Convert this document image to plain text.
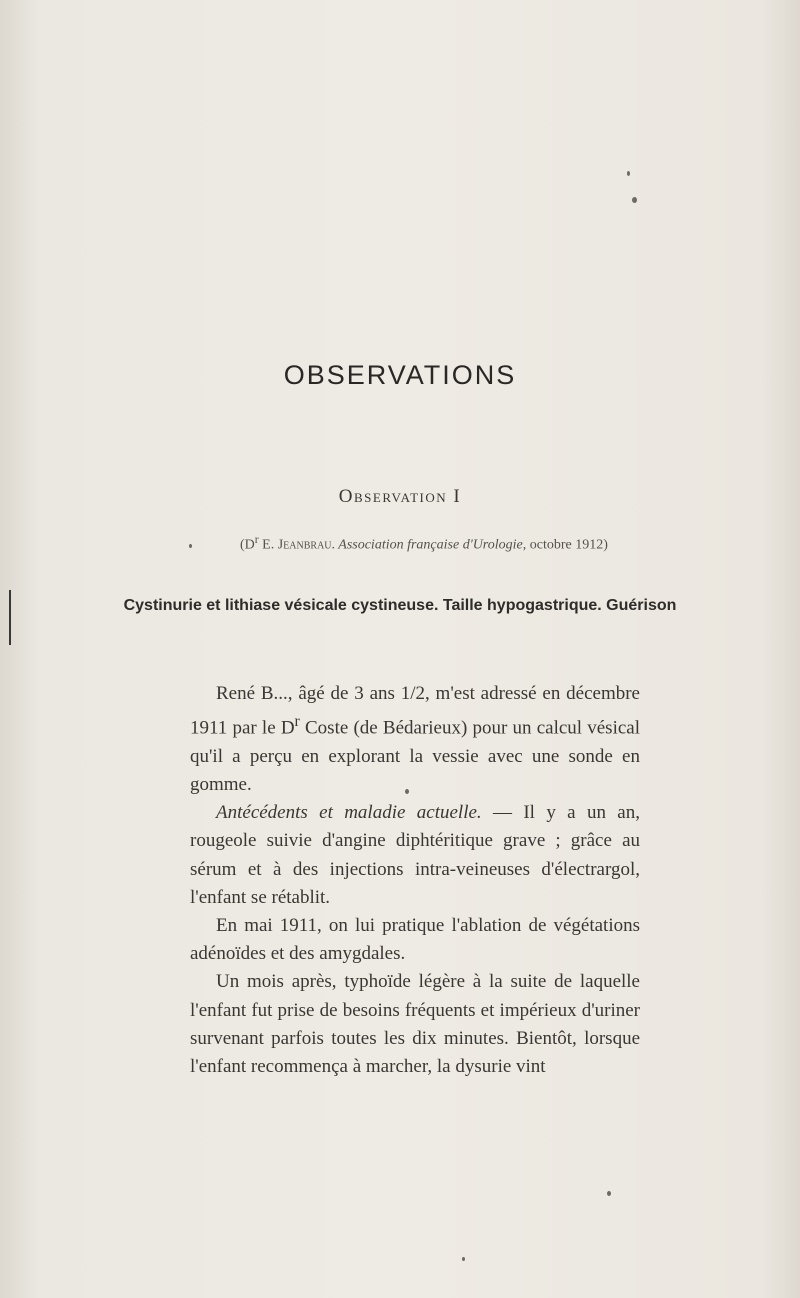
OBSERVATIONS
Observation I
($D^r$ E. Jeanbrau. Association française d'Urologie, octobre 1912)
Cystinurie et lithiase vésicale cystineuse. Taille hypogastrique. Guérison

René B..., âgé de 3 ans 1/2, m'est adressé en décembre 1911 par le $D^r$ Coste (de Bédarieux) pour un calcul vésical qu'il a perçu en explorant la vessie avec une sonde en gomme.

Antécédents et maladie actuelle. — Il y a un an, rougeole suivie d'angine diphtéritique grave ; grâce au sérum et à des injections intra-veineuses d'électrargol, l'enfant se rétablit.

En mai 1911, on lui pratique l'ablation de végétations adénoïdes et des amygdales.

Un mois après, typhoïde légère à la suite de laquelle l'enfant fut prise de besoins fréquents et impérieux d'uriner survenant parfois toutes les dix minutes. Bientôt, lorsque l'enfant recommença à marcher, la dysurie vint
